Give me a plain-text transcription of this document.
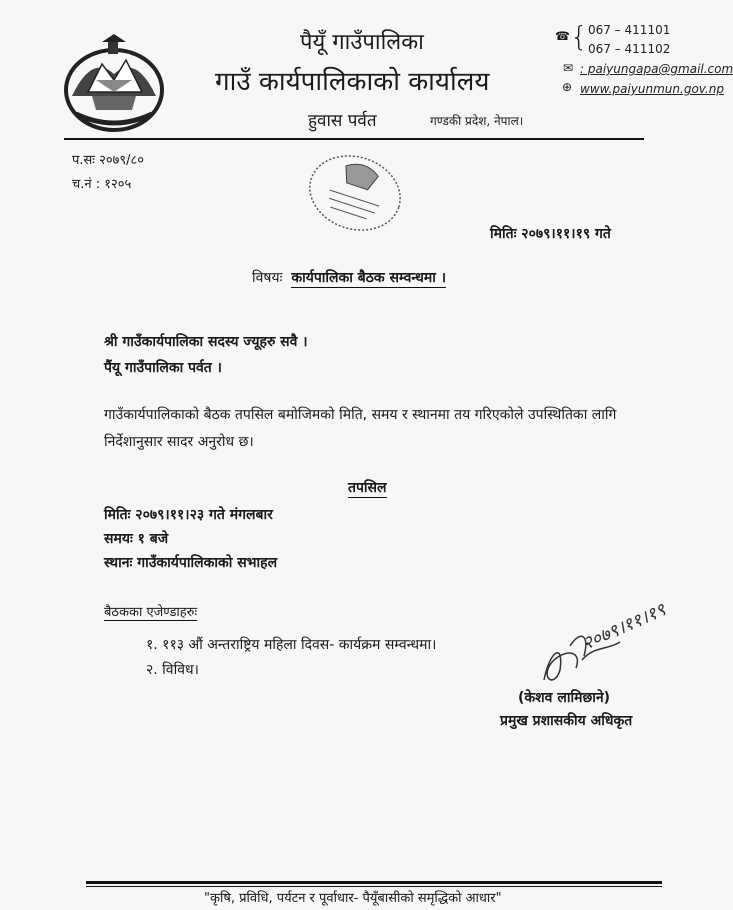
पैयूँ गाउँपालिका
गाउँ कार्यपालिकाको कार्यालय
हुवास पर्वत	गण्डकी प्रदेश, नेपाल।
☎ { 067 – 411101
067 – 411102
✉ : paiyungapa@gmail.com
⊕ www.paiyunmun.gov.np
प.सः २०७९/८०
च.नं : १२०५
मितिः २०७९।११।१९ गते
विषयः कार्यपालिका बैठक सम्वन्धमा ।
श्री गाउँकार्यपालिका सदस्य ज्यूहरु सवै ।
पैंयू गाउँपालिका पर्वत ।
गाउँकार्यपालिकाको बैठक तपसिल बमोजिमको मिति, समय र स्थानमा तय गरिएकोले उपस्थितिका लागि निर्देशानुसार सादर अनुरोध छ।
तपसिल
मितिः २०७९।११।२३ गते मंगलबार
समयः १ बजे
स्थानः गाउँकार्यपालिकाको सभाहल
बैठकका एजेण्डाहरुः
१. ११३ औं अन्तराष्ट्रिय महिला दिवस- कार्यक्रम सम्वन्धमा।
२. विविध।
२०७९।११।१९
(केशव लामिछाने)
प्रमुख प्रशासकीय अधिकृत
"कृषि, प्रविधि, पर्यटन र पूर्वाधार- पैयूँबासीको समृद्धिको आधार"
